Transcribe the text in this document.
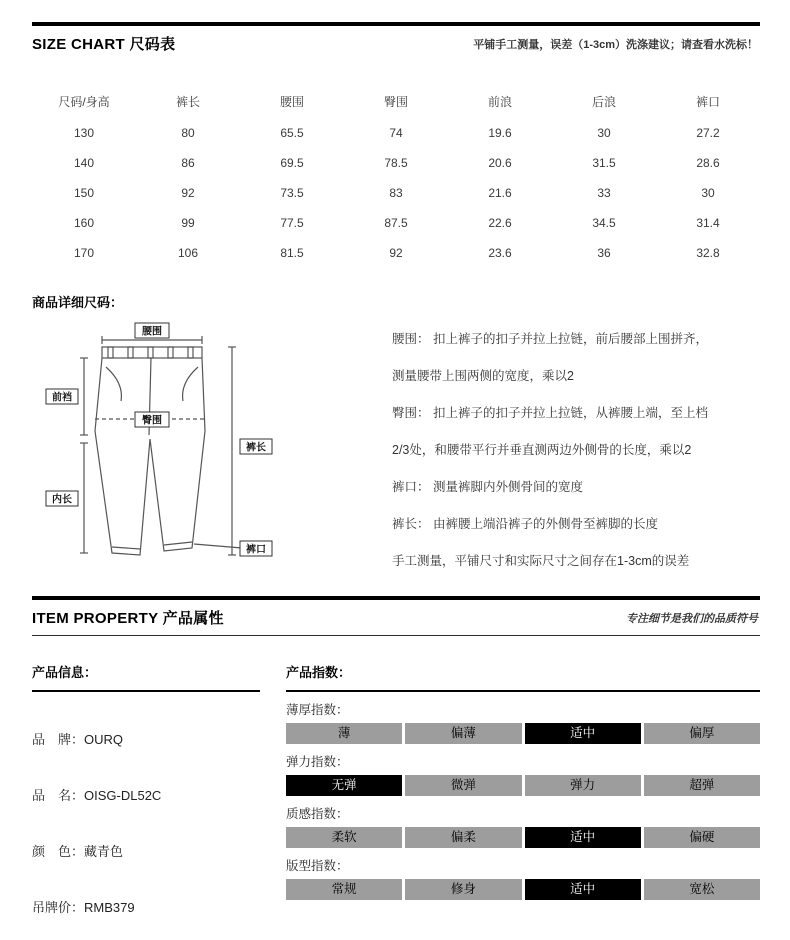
SIZE CHART 尺码表	平铺手工测量，误差（1-3cm）洗涤建议；请查看水洗标！
尺码/身高	裤长	腰围	臀围	前浪	后浪	裤口
130	80	65.5	74	19.6	30	27.2
140	86	69.5	78.5	20.6	31.5	28.6
150	92	73.5	83	21.6	33	30
160	99	77.5	87.5	22.6	34.5	31.4
170	106	81.5	92	23.6	36	32.8
商品详细尺码：
腰围
臀围
前裆
内长
裤长
裤口
腰围： 扣上裤子的扣子并拉上拉链，前后腰部上围拼齐，
测量腰带上围两侧的宽度，乘以2
臀围： 扣上裤子的扣子并拉上拉链，从裤腰上端，至上档
2/3处，和腰带平行并垂直测两边外侧骨的长度，乘以2
裤口： 测量裤脚内外侧骨间的宽度
裤长： 由裤腰上端沿裤子的外侧骨至裤脚的长度
手工测量，平铺尺寸和实际尺寸之间存在1-3cm的误差
ITEM PROPERTY 产品属性	专注细节是我们的品质符号
产品信息：
品　牌：OURQ
品　名：OISG-DL52C
颜　色：藏青色
吊牌价：RMB379
产品指数：
薄厚指数：
薄	偏薄	适中	偏厚
弹力指数：
无弹	微弹	弹力	超弹
质感指数：
柔软	偏柔	适中	偏硬
版型指数：
常规	修身	适中	宽松
